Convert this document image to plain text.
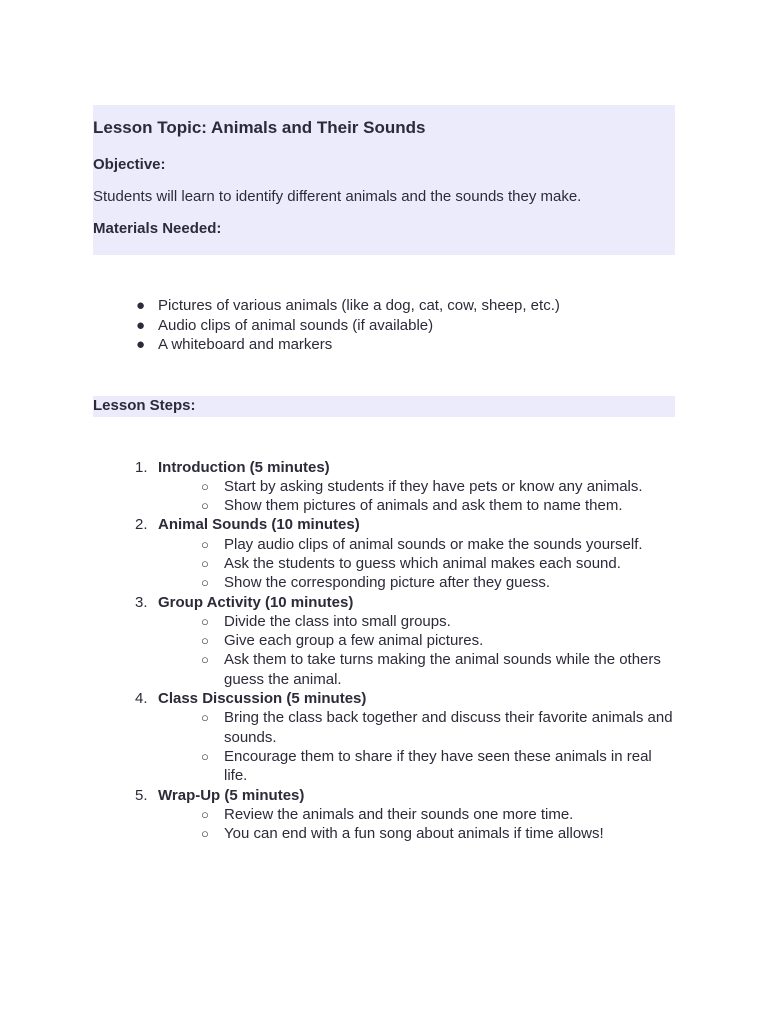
Lesson Topic: Animals and Their Sounds
Objective:
Students will learn to identify different animals and the sounds they make.
Materials Needed:
● Pictures of various animals (like a dog, cat, cow, sheep, etc.)
● Audio clips of animal sounds (if available)
● A whiteboard and markers
Lesson Steps:
1. Introduction (5 minutes)
○ Start by asking students if they have pets or know any animals.
○ Show them pictures of animals and ask them to name them.
2. Animal Sounds (10 minutes)
○ Play audio clips of animal sounds or make the sounds yourself.
○ Ask the students to guess which animal makes each sound.
○ Show the corresponding picture after they guess.
3. Group Activity (10 minutes)
○ Divide the class into small groups.
○ Give each group a few animal pictures.
○ Ask them to take turns making the animal sounds while the others guess the animal.
4. Class Discussion (5 minutes)
○ Bring the class back together and discuss their favorite animals and sounds.
○ Encourage them to share if they have seen these animals in real life.
5. Wrap-Up (5 minutes)
○ Review the animals and their sounds one more time.
○ You can end with a fun song about animals if time allows!
